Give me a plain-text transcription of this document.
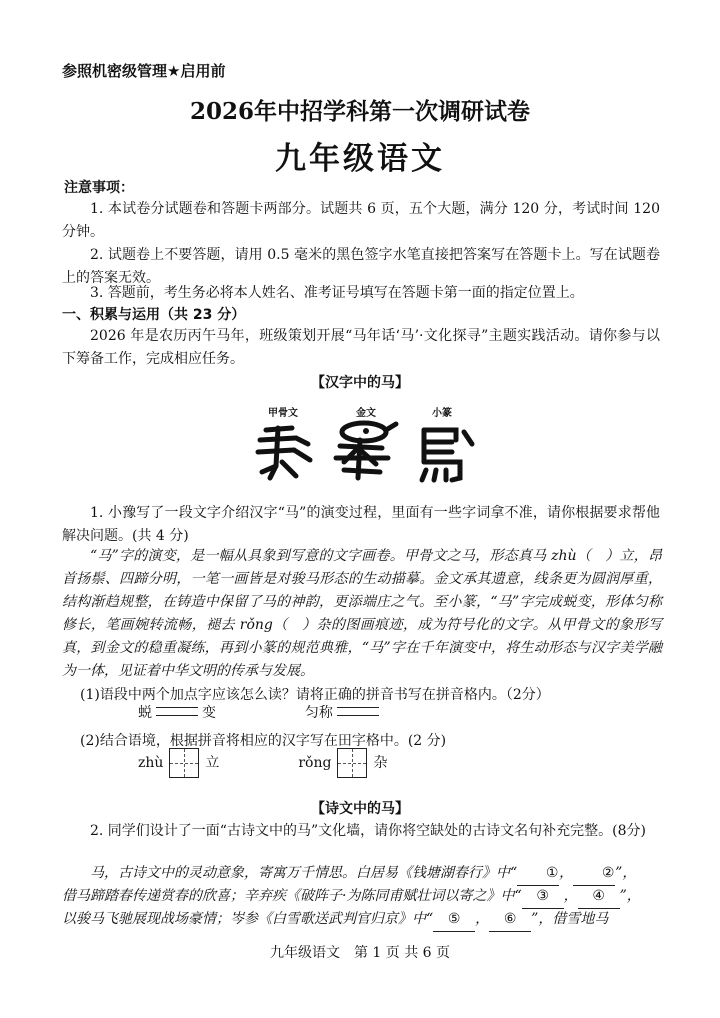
参照机密级管理★启用前
2026年中招学科第一次调研试卷
九年级语文
注意事项：
1. 本试卷分试题卷和答题卡两部分。试题共 6 页，五个大题，满分 120 分，考试时间 120 分钟。
2. 试题卷上不要答题，请用 0.5 毫米的黑色签字水笔直接把答案写在答题卡上。写在试题卷上的答案无效。
3. 答题前，考生务必将本人姓名、准考证号填写在答题卡第一面的指定位置上。
一、积累与运用（共 23 分）
2026 年是农历丙午马年，班级策划开展“马年话‘马’·文化探寻”主题实践活动。请你参与以下筹备工作，完成相应任务。
【汉字中的马】
甲骨文	金文	小篆
1. 小豫写了一段文字介绍汉字“马”的演变过程，里面有一些字词拿不准，请你根据要求帮他解决问题。(共 4 分)
“马”字的演变，是一幅从具象到写意的文字画卷。甲骨文之马，形态真马 zhù（　）立，昂首扬鬃、四蹄分明，一笔一画皆是对骏马形态的生动描摹。金文承其遗意，线条更为圆润厚重，结构渐趋规整，在铸造中保留了马的神韵，更添端庄之气。至小篆，“马”字完成蜕变，形体匀称修长，笔画婉转流畅，褪去 rǒng（　）杂的图画痕迹，成为符号化的文字。从甲骨文的象形写真，到金文的稳重凝练，再到小篆的规范典雅，“马”字在千年演变中，将生动形态与汉字美学融为一体，见证着中华文明的传承与发展。
(1)语段中两个加点字应该怎么读？请将正确的拼音书写在拼音格内。（2分）
蜕	变	匀称
(2)结合语境，根据拼音将相应的汉字写在田字格中。(2 分)
zhù	立	rǒng	杂
【诗文中的马】
2. 同学们设计了一面“古诗文中的马”文化墙，请你将空缺处的古诗文名句补充完整。(8分)
马，古诗文中的灵动意象，寄寓万千情思。白居易《钱塘湖春行》中“ ①， ②”，
借马蹄踏春传递赏春的欣喜；辛弃疾《破阵子·为陈同甫赋壮词以寄之》中“ ③ ， ④ ”，
以骏马飞驰展现战场豪情；岑参《白雪歌送武判官归京》中“ ⑤ ， ⑥ ”，借雪地马
九年级语文　第 1 页 共 6 页
